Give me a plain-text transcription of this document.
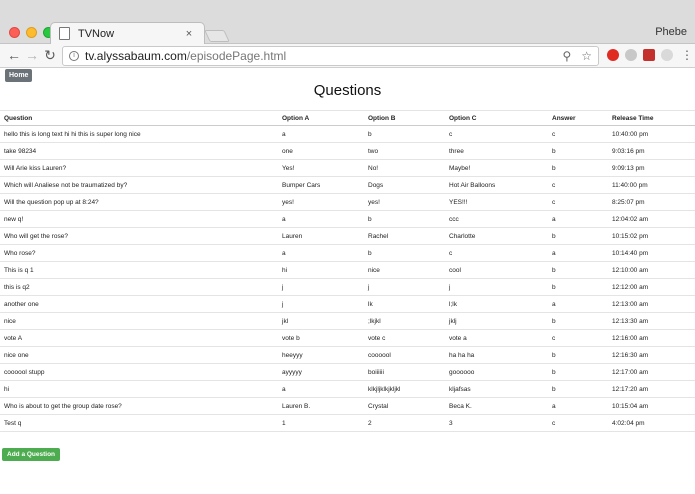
TVNow	×	Phebe
← → ↻	i tv.alyssabaum.com /episodePage.html	⚲ ☆	⋮
Home
Questions
Question	Option A	Option B	Option C	Answer	Release Time
hello this is long text hi hi this is super long nice	a	b	c	c	10:40:00 pm
take 98234	one	two	three	b	9:03:16 pm
Will Arie kiss Lauren?	Yes!	No!	Maybe!	b	9:09:13 pm
Which will Analiese not be traumatized by?	Bumper Cars	Dogs	Hot Air Balloons	c	11:40:00 pm
Will the question pop up at 8:24?	yes!	yes!	YES!!!	c	8:25:07 pm
new q!	a	b	ccc	a	12:04:02 am
Who will get the rose?	Lauren	Rachel	Charlotte	b	10:15:02 pm
Who rose?	a	b	c	a	10:14:40 pm
This is q 1	hi	nice	cool	b	12:10:00 am
this is q2	j	j	j	b	12:12:00 am
another one	j	lk	l;lk	a	12:13:00 am
nice	jkl	;lkjkl	jklj	b	12:13:30 am
vote A	vote b	vote c	vote a	c	12:16:00 am
nice one	heeyyy	coooool	ha ha ha	b	12:16:30 am
coooool stupp	ayyyyy	boiiiiii	goooooo	b	12:17:00 am
hi	a	klkjljklkjkljkl	kljafsas	b	12:17:20 am
Who is about to get the group date rose?	Lauren B.	Crystal	Beca K.	a	10:15:04 am
Test q	1	2	3	c	4:02:04 pm
Add a Question
